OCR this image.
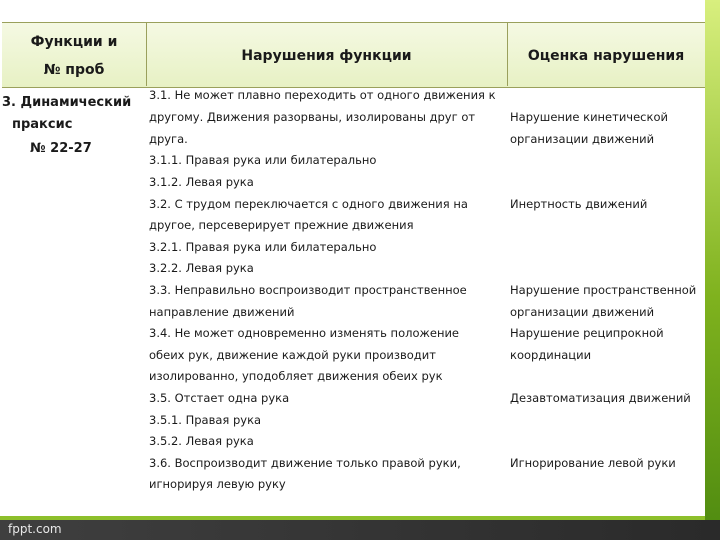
Функции и
№ проб
Нарушения функции	Оценка нарушения
3. Динамический
праксис
№ 22-27
3.1. Не может плавно переходить от одного движения к
другому. Движения разорваны, изолированы друг от
друга.
3.1.1. Правая рука или билатерально
3.1.2. Левая рука
3.2. С трудом переключается с одного движения на
другое, персеверирует прежние движения
3.2.1. Правая рука или билатерально
3.2.2. Левая рука
3.3. Неправильно воспроизводит пространственное
направление движений
3.4. Не может одновременно изменять положение
обеих рук, движение каждой руки производит
изолированно, уподобляет движения обеих рук
3.5. Отстает одна рука
3.5.1. Правая рука
3.5.2. Левая рука
3.6. Воспроизводит движение только правой руки,
игнорируя левую руку
Нарушение кинетической
организации движений
Инертность движений
Нарушение пространственной
организации движений
Нарушение реципрокной
координации
Дезавтоматизация движений
Игнорирование левой руки
fppt.com
